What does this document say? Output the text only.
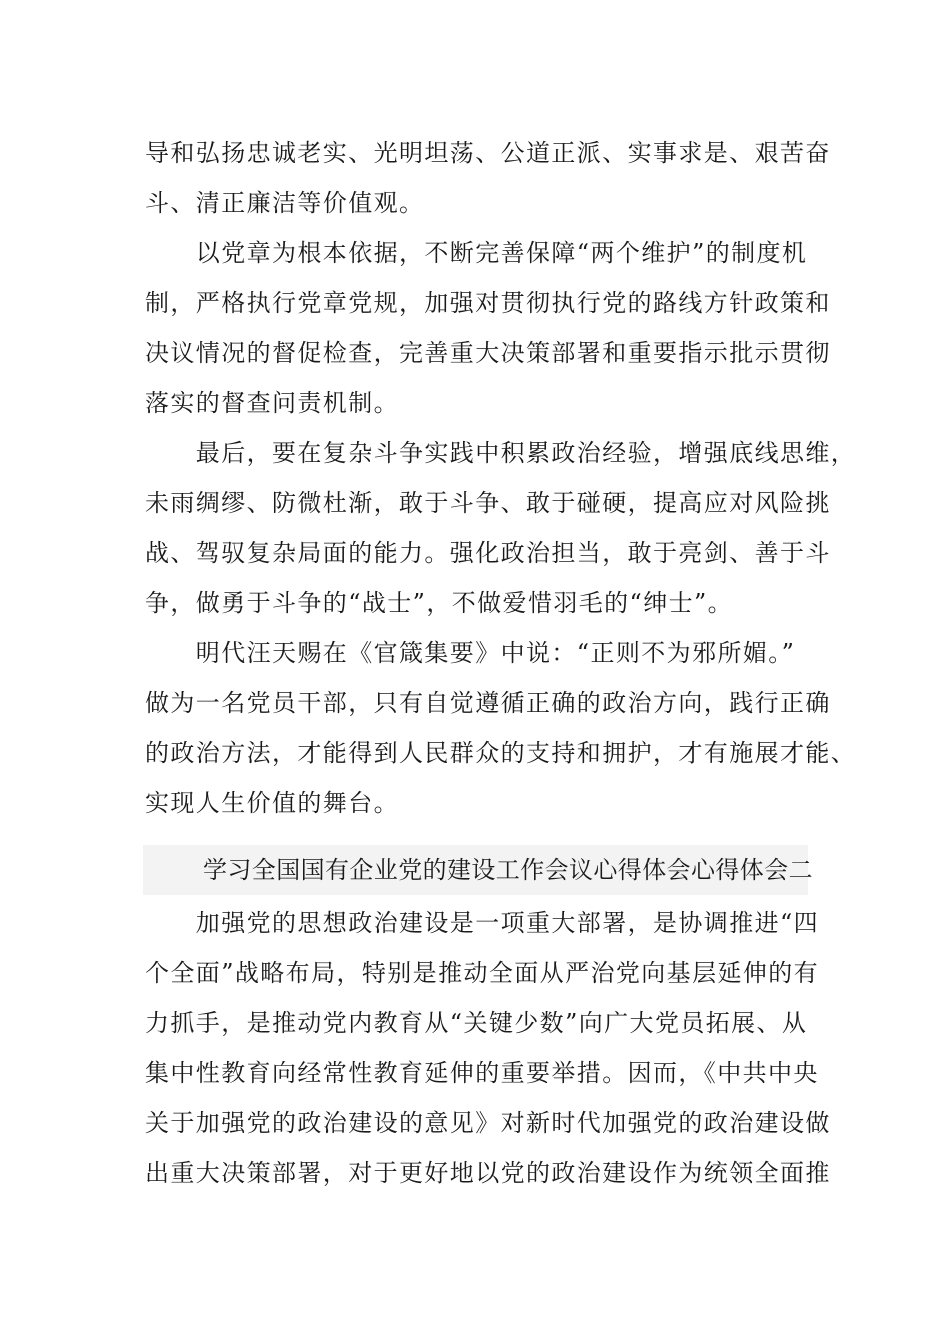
导和弘扬忠诚老实、光明坦荡、公道正派、实事求是、艰苦奋
斗、清正廉洁等价值观。
　　以党章为根本依据，不断完善保障“两个维护”的制度机
制，严格执行党章党规，加强对贯彻执行党的路线方针政策和
决议情况的督促检查，完善重大决策部署和重要指示批示贯彻
落实的督查问责机制。
　　最后，要在复杂斗争实践中积累政治经验，增强底线思维，
未雨绸缪、防微杜渐，敢于斗争、敢于碰硬，提高应对风险挑
战、驾驭复杂局面的能力。强化政治担当，敢于亮剑、善于斗
争，做勇于斗争的“战士”，不做爱惜羽毛的“绅士”。
　　明代汪天赐在《官箴集要》中说：“正则不为邪所媚。”
做为一名党员干部，只有自觉遵循正确的政治方向，践行正确
的政治方法，才能得到人民群众的支持和拥护，才有施展才能、
实现人生价值的舞台。
学习全国国有企业党的建设工作会议心得体会心得体会二
　　加强党的思想政治建设是一项重大部署，是协调推进“四
个全面”战略布局，特别是推动全面从严治党向基层延伸的有
力抓手，是推动党内教育从“关键少数”向广大党员拓展、从
集中性教育向经常性教育延伸的重要举措。因而，《中共中央
关于加强党的政治建设的意见》对新时代加强党的政治建设做
出重大决策部署，对于更好地以党的政治建设作为统领全面推
